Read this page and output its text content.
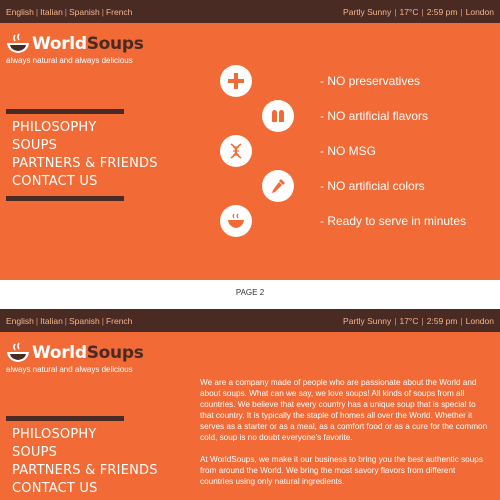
English | Italian | Spanish | French	Partly Sunny | 17°C | 2:59 pm | London
WorldSoups
always natural and always delicious
PHILOSOPHY
SOUPS
PARTNERS & FRIENDS
CONTACT US
- NO preservatives
- NO artificial flavors
- NO MSG
- NO artificial colors
- Ready to serve in minutes
PAGE 2
English | Italian | Spanish | French	Partly Sunny | 17°C | 2:59 pm | London
WorldSoups
always natural and always delicious
PHILOSOPHY
SOUPS
PARTNERS & FRIENDS
CONTACT US

We are a company made of people who are passionate about the World and about soups. What can we say, we love soups! All kinds of soups from all countries. We believe that every country has a unique soup that is special to that country. It is typically the staple of homes all over the World. Whether it serves as a starter or as a meal, as a comfort food or as a cure for the common cold, soup is no doubt everyone's favorite.

At WorldSoups, we make it our business to bring you the best authentic soups from around the World. We bring the most savory flavors from different countries using only natural ingredients.
